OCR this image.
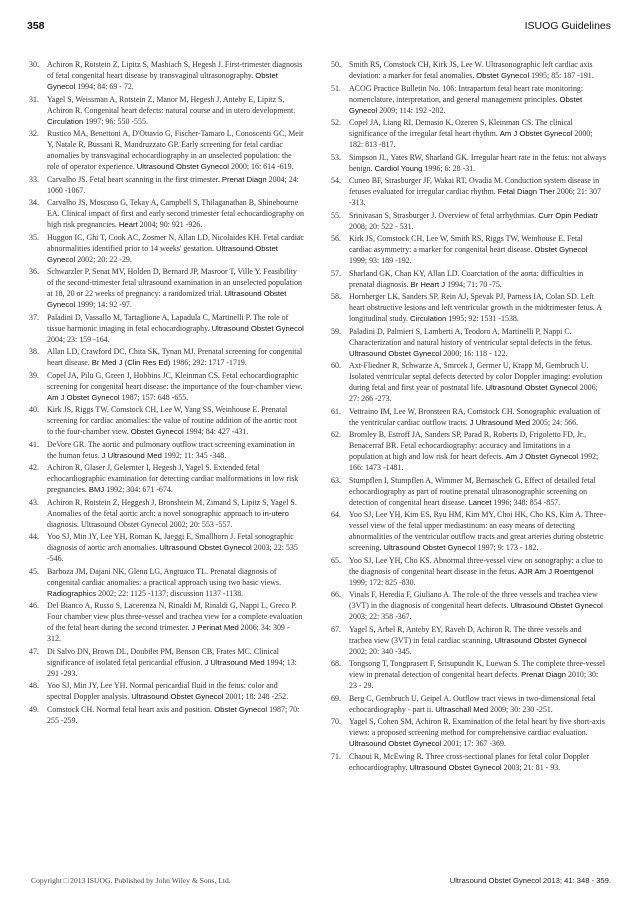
358	ISUOG Guidelines
30. Achiron R, Rotstein Z, Lipitz S, Mashiach S, Hegesh J. First-trimester diagnosis of fetal congenital heart disease by transvaginal ultrasonography. Obstet Gynecol 1994; 84: 69 - 72.
31. Yagel S, Weissman A, Rotstein Z, Manor M, Hegesh J, Anteby E, Lipitz S, Achiron R. Congenital heart defects: natural course and in utero development. Circulation 1997; 96: 550 -555.
32. Rustico MA, Benettoni A, D'Ottavio G, Fischer-Tamaro L, Conoscenti GC, Meir Y, Natale R, Bussani R, Mandruzzato GP. Early screening for fetal cardiac anomalies by transvaginal echocardiography in an unselected population: the role of operator experience. Ultrasound Obstet Gynecol 2000; 16: 614 -619.
33. Carvalho JS. Fetal heart scanning in the first trimester. Prenat Diagn 2004; 24: 1060 -1067.
34. Carvalho JS, Moscoso G, Tekay A, Campbell S, Thilaganathan B, Shinebourne EA. Clinical impact of first and early second trimester fetal echocardiography on high risk pregnancies. Heart 2004; 90: 921 -926.
35. Huggon IC, Ghi T, Cook AC, Zosmer N, Allan LD, Nicolaides KH. Fetal cardiac abnormalities identified prior to 14 weeks' gestation. Ultrasound Obstet Gynecol 2002; 20: 22 -29.
36. Schwarzler P, Senat MV, Holden D, Bernard JP, Masroor T, Ville Y. Feasibility of the second-trimester fetal ultrasound examination in an unselected population at 18, 20 or 22 weeks of pregnancy: a randomized trial. Ultrasound Obstet Gynecol 1999; 14: 92 -97.
37. Paladini D, Vassallo M, Tartaglione A, Lapadula C, Martinelli P. The role of tissue harmonic imaging in fetal echocardiography. Ultrasound Obstet Gynecol 2004; 23: 159 -164.
38. Allan LD, Crawford DC, Chita SK, Tynan MJ. Prenatal screening for congenital heart disease. Br Med J (Clin Res Ed) 1986; 292: 1717 -1719.
39. Copel JA, Pilu G, Green J, Hobbins JC, Kleinman CS. Fetal echocardiographic screening for congenital heart disease: the importance of the four-chamber view. Am J Obstet Gynecol 1987; 157: 648 -655.
40. Kirk JS, Riggs TW, Comstock CH, Lee W, Yang SS, Weinhouse E. Prenatal screening for cardiac anomalies: the value of routine addition of the aortic root to the four-chamber view. Obstet Gynecol 1994; 84: 427 -431.
41. DeVore GR. The aortic and pulmonary outflow tract screening examination in the human fetus. J Ultrasound Med 1992; 11: 345 -348.
42. Achiron R, Glaser J, Gelernter I, Hegesh J, Yagel S. Extended fetal echocardiographic examination for detecting cardiac malformations in low risk pregnancies. BMJ 1992; 304: 671 -674.
43. Achiron R, Rotstein Z, Heggesh J, Bronshtein M, Zimand S, Lipitz S, Yagel S. Anomalies of the fetal aortic arch: a novel sonographic approach to in-utero diagnosis. Ultrasound Obstet Gynecol 2002; 20: 553 -557.
44. Yoo SJ, Min JY, Lee YH, Roman K, Jaeggi E, Smallhorn J. Fetal sonographic diagnosis of aortic arch anomalies. Ultrasound Obstet Gynecol 2003; 22: 535 -546.
45. Barboza JM, Dajani NK, Glenn LG, Angtuaco TL. Prenatal diagnosis of congenital cardiac anomalies: a practical approach using two basic views. Radiographics 2002; 22: 1125 -1137; discussion 1137 -1138.
46. Del Bianco A, Russo S, Lacerenza N, Rinaldi M, Rinaldi G, Nappi L, Greco P. Four chamber view plus three-vessel and trachea view for a complete evaluation of the fetal heart during the second trimester. J Perinat Med 2006; 34: 309 - 312.
47. Di Salvo DN, Brown DL, Doubilet PM, Benson CB, Frates MC. Clinical significance of isolated fetal pericardial effusion. J Ultrasound Med 1994; 13: 291 -293.
48. Yoo SJ, Min JY, Lee YH. Normal pericardial fluid in the fetus: color and spectral Doppler analysis. Ultrasound Obstet Gynecol 2001; 18: 248 -252.
49. Comstock CH. Normal fetal heart axis and position. Obstet Gynecol 1987; 70: 255 -259.
50. Smith RS, Comstock CH, Kirk JS, Lee W. Ultrasonographic left cardiac axis deviation: a marker for fetal anomalies. Obstet Gynecol 1995; 85: 187 -191.
51. ACOG Practice Bulletin No. 106: Intrapartum fetal heart rate monitoring: nomenclature, interpretation, and general management principles. Obstet Gynecol 2009; 114: 192 -202.
52. Copel JA, Liang RI, Demasio K, Ozeren S, Kleinman CS. The clinical significance of the irregular fetal heart rhythm. Am J Obstet Gynecol 2000; 182: 813 -817.
53. Simpson JL, Yates RW, Sharland GK. Irregular heart rate in the fetus: not always benign. Cardiol Young 1996; 6: 28 -31.
54. Cuneo BF, Strasburger JF, Wakai RT, Ovadia M. Conduction system disease in fetuses evaluated for irregular cardiac rhythm. Fetal Diagn Ther 2006; 21: 307 -313.
55. Srinivasan S, Strasburger J. Overview of fetal arrhythmias. Curr Opin Pediatr 2008; 20: 522 - 531.
56. Kirk JS, Comstock CH, Lee W, Smith RS, Riggs TW, Weinhouse E. Fetal cardiac asymmetry: a marker for congenital heart disease. Obstet Gynecol 1999; 93: 189 -192.
57. Sharland GK, Chan KY, Allan LD. Coarctation of the aorta: difficulties in prenatal diagnosis. Br Heart J 1994; 71: 70 -75.
58. Hornberger LK, Sanders SP, Rein AJ, Spevak PJ, Parness IA, Colan SD. Left heart obstructive lesions and left ventricular growth in the midtrimester fetus. A longitudinal study. Circulation 1995; 92: 1531 -1538.
59. Paladini D, Palmieri S, Lamberti A, Teodoro A, Martinelli P, Nappi C. Characterization and natural history of ventricular septal defects in the fetus. Ultrasound Obstet Gynecol 2000; 16: 118 - 122.
60. Axt-Fliedner R, Schwarze A, Smrcek J, Germer U, Krapp M, Gembruch U. Isolated ventricular septal defects detected by color Doppler imaging: evolution during fetal and first year of postnatal life. Ultrasound Obstet Gynecol 2006; 27: 266 -273.
61. Vettraino IM, Lee W, Bronsteen RA, Comstock CH. Sonographic evaluation of the ventricular cardiac outflow tracts. J Ultrasound Med 2005; 24: 566.
62. Bromley B, Estroff JA, Sanders SP, Parad R, Roberts D, Frigoletto FD, Jr., Benacerraf BR. Fetal echocardiography: accuracy and limitations in a population at high and low risk for heart defects. Am J Obstet Gynecol 1992; 166: 1473 -1481.
63. Stumpflen I, Stumpflen A, Wimmer M, Bernaschek G. Effect of detailed fetal echocardiography as part of routine prenatal ultrasonographic screening on detection of congenital heart disease. Lancet 1996; 348: 854 -857.
64. Yoo SJ, Lee YH, Kim ES, Ryu HM, Kim MY, Choi HK, Cho KS, Kim A. Three-vessel view of the fetal upper mediastinum: an easy means of detecting abnormalities of the ventricular outflow tracts and great arteries during obstetric screening. Ultrasound Obstet Gynecol 1997; 9: 173 - 182.
65. Yoo SJ, Lee YH, Cho KS. Abnormal three-vessel view on sonography: a clue to the diagnosis of congenital heart disease in the fetus. AJR Am J Roentgenol 1999; 172: 825 -830.
66. Vinals F, Heredia F, Giuliano A. The role of the three vessels and trachea view (3VT) in the diagnosis of congenital heart defects. Ultrasound Obstet Gynecol 2003; 22: 358 -367.
67. Yagel S, Arbel R, Anteby EY, Raveh D, Achiron R. The three vessels and trachea view (3VT) in fetal cardiac scanning. Ultrasound Obstet Gynecol 2002; 20: 340 -345.
68. Tongsong T, Tongprasert F, Srisupundit K, Luewan S. The complete three-vessel view in prenatal detection of congenital heart defects. Prenat Diagn 2010; 30: 23 - 29.
69. Berg C, Gembruch U, Geipel A. Outflow tract views in two-dimensional fetal echocardiography - part ii. Ultraschall Med 2009; 30: 230 -251.
70. Yagel S, Cohen SM, Achiron R. Examination of the fetal heart by five short-axis views: a proposed screening method for comprehensive cardiac evaluation. Ultrasound Obstet Gynecol 2001; 17: 367 -369.
71. Chaoui R, McEwing R. Three cross-sectional planes for fetal color Doppler echocardiography. Ultrasound Obstet Gynecol 2003; 21: 81 - 93.
Copyright □ 2013 ISUOG. Published by John Wiley & Sons, Ltd.	Ultrasound Obstet Gynecol 2013; 41: 348 - 359.
